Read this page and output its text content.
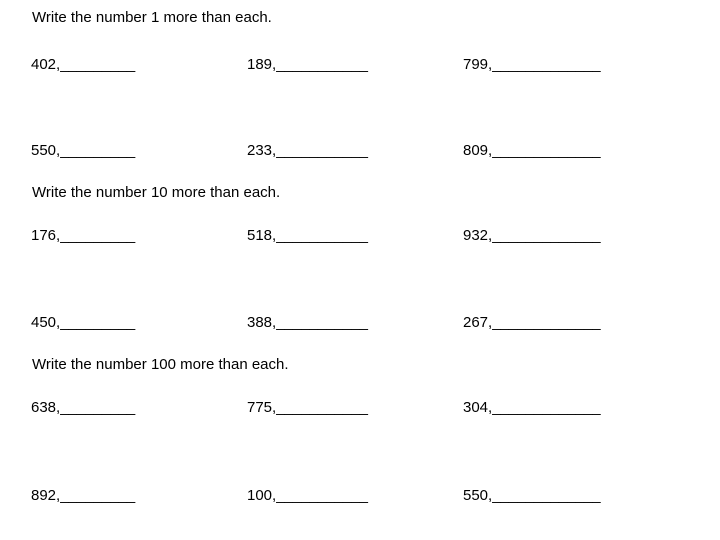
Write the number 1 more than each.
402,_________	189,___________	799,_____________
550,_________	233,___________	809,_____________
Write the number 10 more than each.
176,_________	518,___________	932,_____________
450,_________	388,___________	267,_____________
Write the number 100 more than each.
638,_________	775,___________	304,_____________
892,_________	100,___________	550,_____________
